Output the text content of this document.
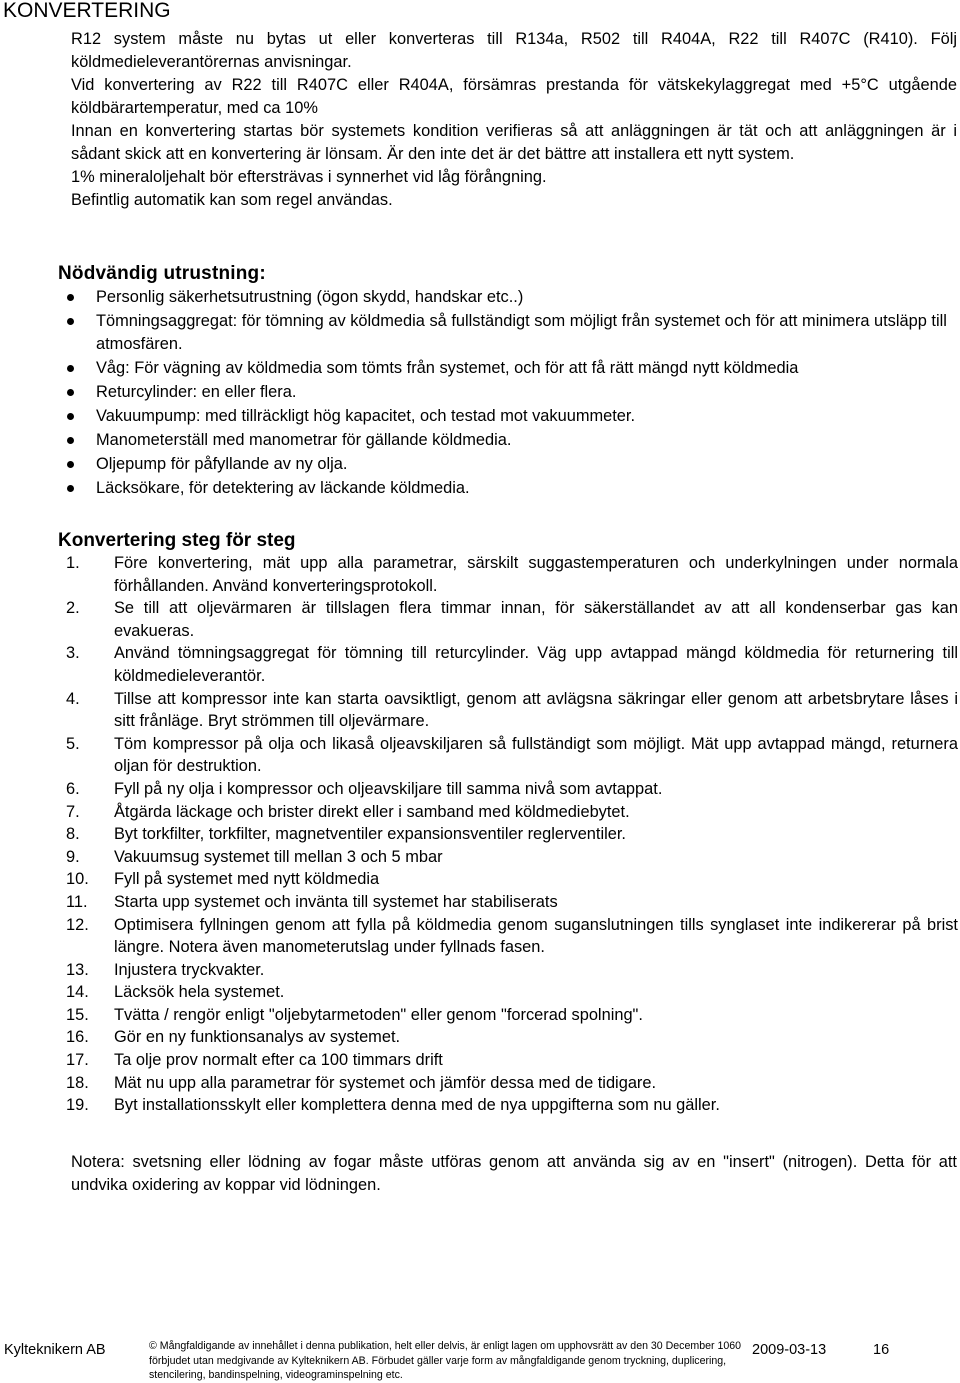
KONVERTERING

R12 system måste nu bytas ut eller konverteras till R134a, R502 till R404A, R22 till R407C (R410). Följ köldmedieleverantörernas anvisningar.

Vid konvertering av R22 till R407C eller R404A, försämras prestanda för vätskekylaggregat med +5°C utgående köldbärartemperatur, med ca 10%

Innan en konvertering startas bör systemets kondition verifieras så att anläggningen är tät och att anläggningen är i sådant skick att en konvertering är lönsam. Är den inte det är det bättre att installera ett nytt system.

1% mineraloljehalt bör eftersträvas i synnerhet vid låg förångning.

Befintlig automatik kan som regel användas.

Nödvändig utrustning:
Personlig säkerhetsutrustning (ögon skydd, handskar etc..)
Tömningsaggregat: för tömning av köldmedia så fullständigt som möjligt från systemet och för att minimera utsläpp till atmosfären.
Våg: För vägning av köldmedia som tömts från systemet, och för att få rätt mängd nytt köldmedia
Returcylinder: en eller flera.
Vakuumpump: med tillräckligt hög kapacitet, och testad mot vakuummeter.
Manometerställ med manometrar för gällande köldmedia.
Oljepump för påfyllande av ny olja.
Läcksökare, för detektering av läckande köldmedia.
Konvertering steg för steg
1. Före konvertering, mät upp alla parametrar, särskilt suggastemperaturen och underkylningen under normala förhållanden. Använd konverteringsprotokoll.
2. Se till att oljevärmaren är tillslagen flera timmar innan, för säkerställandet av att all kondenserbar gas kan evakueras.
3. Använd tömningsaggregat för tömning till returcylinder. Väg upp avtappad mängd köldmedia för returnering till köldmedieleverantör.
4. Tillse att kompressor inte kan starta oavsiktligt, genom att avlägsna säkringar eller genom att arbetsbrytare låses i sitt frånläge. Bryt strömmen till oljevärmare.
5. Töm kompressor på olja och likaså oljeavskiljaren så fullständigt som möjligt. Mät upp avtappad mängd, returnera oljan för destruktion.
6. Fyll på ny olja i kompressor och oljeavskiljare till samma nivå som avtappat.
7. Åtgärda läckage och brister direkt eller i samband med köldmediebytet.
8. Byt torkfilter, torkfilter, magnetventiler expansionsventiler reglerventiler.
9. Vakuumsug systemet till mellan 3 och 5 mbar
10. Fyll på systemet med nytt köldmedia
11. Starta upp systemet och invänta till systemet har stabiliserats
12. Optimisera fyllningen genom att fylla på köldmedia genom suganslutningen tills synglaset inte indikererar på brist längre. Notera även manometerutslag under fyllnads fasen.
13. Injustera tryckvakter.
14. Läcksök hela systemet.
15. Tvätta / rengör enligt "oljebytarmetoden" eller genom "forcerad spolning".
16. Gör en ny funktionsanalys av systemet.
17. Ta olje prov normalt efter ca 100 timmars drift
18. Mät nu upp alla parametrar för systemet och jämför dessa med de tidigare.
19. Byt installationsskylt eller komplettera denna med de nya uppgifterna som nu gäller.

Notera: svetsning eller lödning av fogar måste utföras genom att använda sig av en "insert" (nitrogen). Detta för att undvika oxidering av koppar vid lödningen.

Kylteknikern AB	© Mångfaldigande av innehållet i denna publikation, helt eller delvis, är enligt lagen om upphovsrätt av den 30 December 1060 förbjudet utan medgivande av Kylteknikern AB. Förbudet gäller varje form av mångfaldigande genom tryckning, duplicering, stencilering, bandinspelning, videograminspelning etc.
2009-03-13	16
